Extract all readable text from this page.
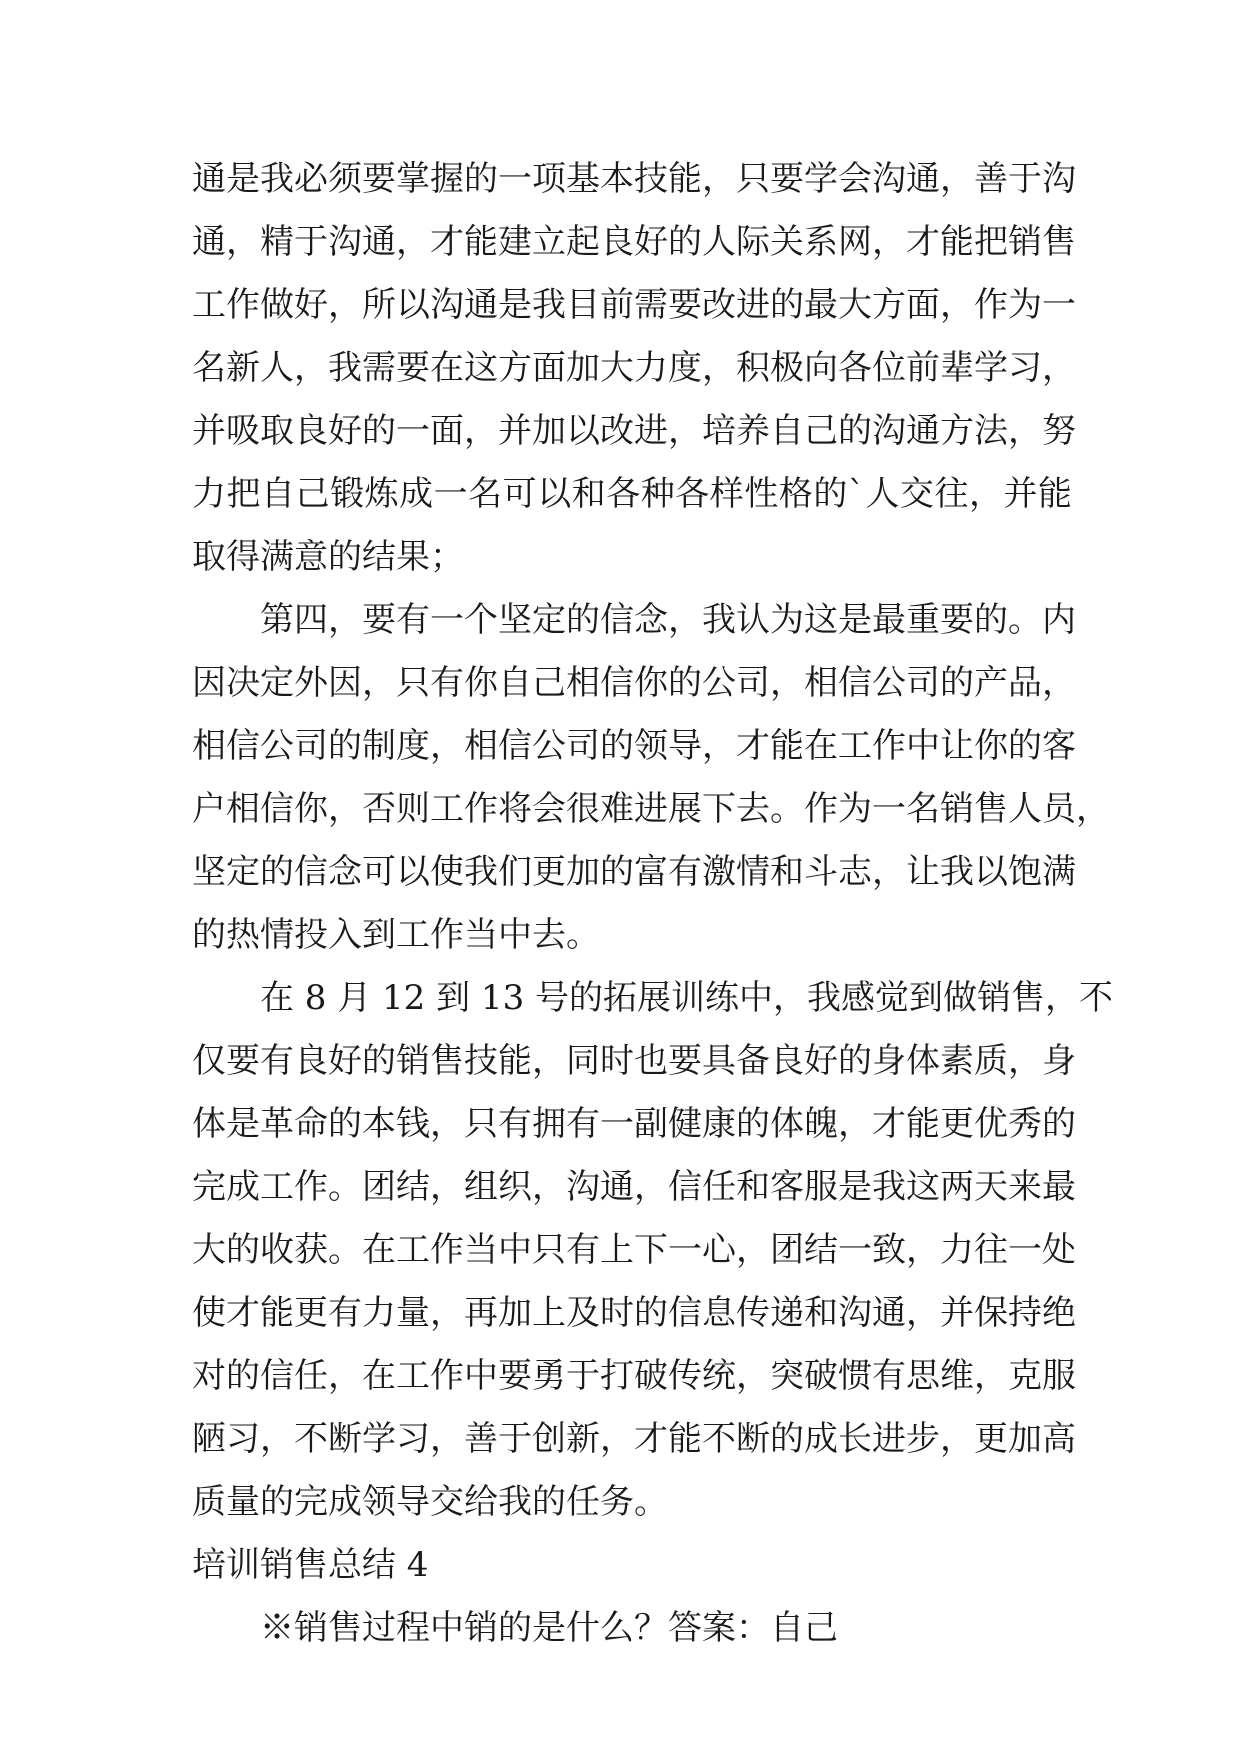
通是我必须要掌握的一项基本技能，只要学会沟通，善于沟
通，精于沟通，才能建立起良好的人际关系网，才能把销售
工作做好，所以沟通是我目前需要改进的最大方面，作为一
名新人，我需要在这方面加大力度，积极向各位前辈学习，
并吸取良好的一面，并加以改进，培养自己的沟通方法，努
力把自己锻炼成一名可以和各种各样性格的`人交往，并能
取得满意的结果；
第四，要有一个坚定的信念，我认为这是最重要的。内
因决定外因，只有你自己相信你的公司，相信公司的产品，
相信公司的制度，相信公司的领导，才能在工作中让你的客
户相信你，否则工作将会很难进展下去。作为一名销售人员，
坚定的信念可以使我们更加的富有激情和斗志，让我以饱满
的热情投入到工作当中去。
在 8 月 12 到 13 号的拓展训练中，我感觉到做销售，不
仅要有良好的销售技能，同时也要具备良好的身体素质，身
体是革命的本钱，只有拥有一副健康的体魄，才能更优秀的
完成工作。团结，组织，沟通，信任和客服是我这两天来最
大的收获。在工作当中只有上下一心，团结一致，力往一处
使才能更有力量，再加上及时的信息传递和沟通，并保持绝
对的信任，在工作中要勇于打破传统，突破惯有思维，克服
陋习，不断学习，善于创新，才能不断的成长进步，更加高
质量的完成领导交给我的任务。
培训销售总结 4
※销售过程中销的是什么？答案：自己
